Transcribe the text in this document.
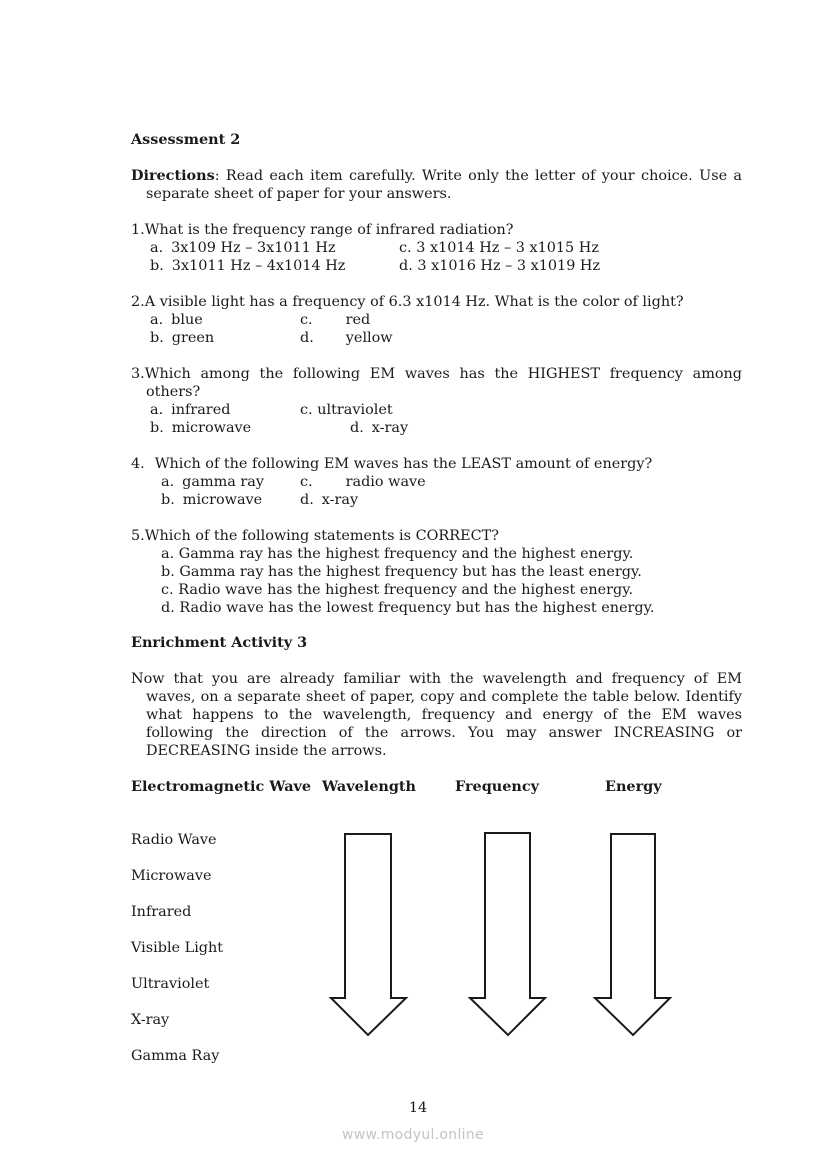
Assessment 2
Directions: Read each item carefully. Write only the letter of your choice. Use a separate sheet of paper for your answers.
1.What is the frequency range of infrared radiation?
a. 3x109 Hz – 3x1011 Hz
b. 3x1011 Hz – 4x1014 Hz
c. 3 x1014 Hz – 3 x1015 Hz
d. 3 x1016 Hz – 3 x1019 Hz
2.A visible light has a frequency of 6.3 x1014 Hz. What is the color of light?
a. blue
b. green
c. red
d. yellow
3.Which among the following EM waves has the HIGHEST frequency among others?
a. infrared
b. microwave
c. ultraviolet
d. x-ray
4. Which of the following EM waves has the LEAST amount of energy?
a. gamma ray
b. microwave
c. radio wave
d. x-ray
5.Which of the following statements is CORRECT?
a. Gamma ray has the highest frequency and the highest energy.
b. Gamma ray has the highest frequency but has the least energy.
c. Radio wave has the highest frequency and the highest energy.
d. Radio wave has the lowest frequency but has the highest energy.
Enrichment Activity 3
Now that you are already familiar with the wavelength and frequency of EM waves, on a separate sheet of paper, copy and complete the table below. Identify what happens to the wavelength, frequency and energy of the EM waves following the direction of the arrows. You may answer INCREASING or DECREASING inside the arrows.
Electromagnetic Wave Wavelength	Frequency	Energy
Radio Wave
Microwave
Infrared
Visible Light
Ultraviolet
X-ray
Gamma Ray
14
www.modyul.online
